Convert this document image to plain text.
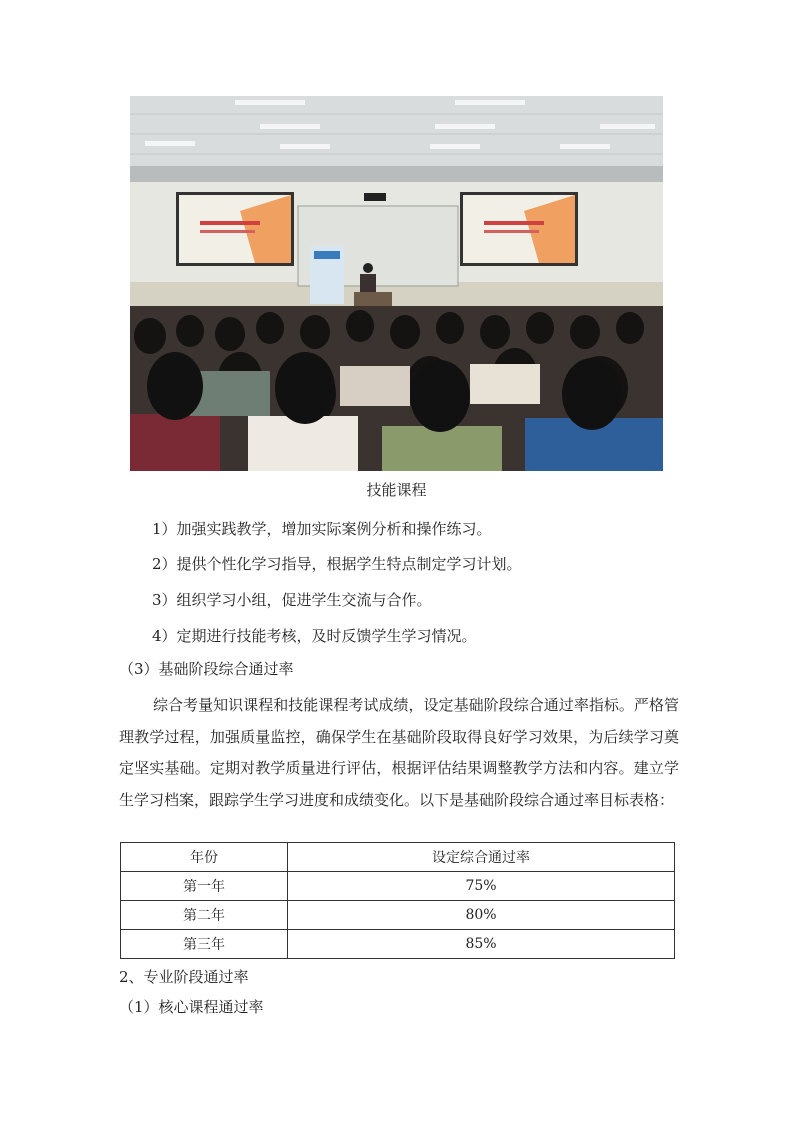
技能课程
1）加强实践教学，增加实际案例分析和操作练习。
2）提供个性化学习指导，根据学生特点制定学习计划。
3）组织学习小组，促进学生交流与合作。
4）定期进行技能考核，及时反馈学生学习情况。
（3）基础阶段综合通过率

综合考量知识课程和技能课程考试成绩，设定基础阶段综合通过率指标。严格管理教学过程，加强质量监控，确保学生在基础阶段取得良好学习效果，为后续学习奠定坚实基础。定期对教学质量进行评估，根据评估结果调整教学方法和内容。建立学生学习档案，跟踪学生学习进度和成绩变化。以下是基础阶段综合通过率目标表格：

年份	设定综合通过率
第一年	75%
第二年	80%
第三年	85%
2、专业阶段通过率
（1）核心课程通过率
